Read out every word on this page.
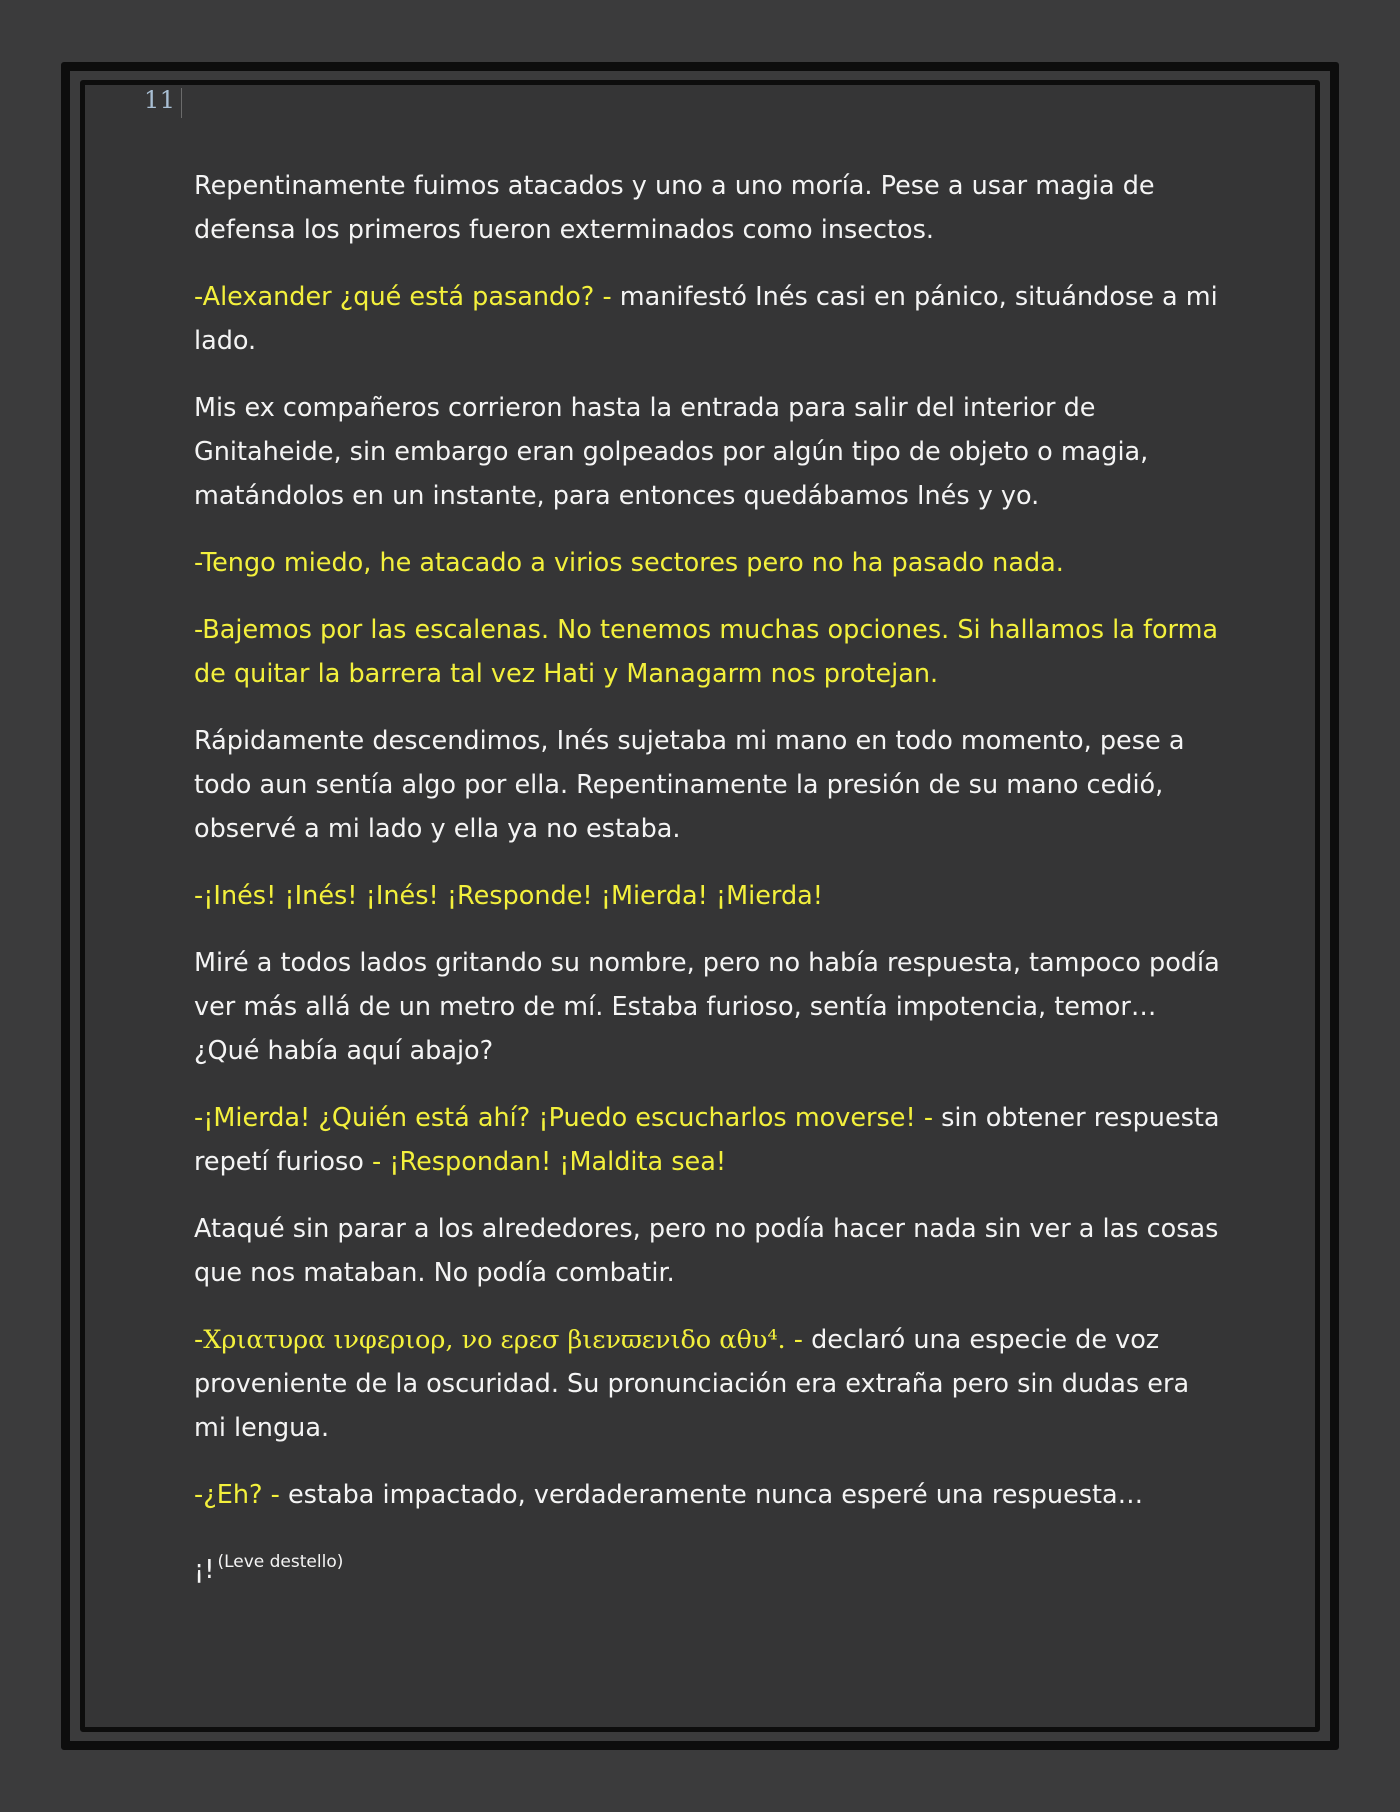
11

Repentinamente fuimos atacados y uno a uno moría. Pese a usar magia de defensa los primeros fueron exterminados como insectos.

-Alexander ¿qué está pasando? - manifestó Inés casi en pánico, situándose a mi lado.

Mis ex compañeros corrieron hasta la entrada para salir del interior de Gnitaheide, sin embargo eran golpeados por algún tipo de objeto o magia, matándolos en un instante, para entonces quedábamos Inés y yo.

-Tengo miedo, he atacado a virios sectores pero no ha pasado nada.

-Bajemos por las escalenas. No tenemos muchas opciones. Si hallamos la forma de quitar la barrera tal vez Hati y Managarm nos protejan.

Rápidamente descendimos, Inés sujetaba mi mano en todo momento, pese a todo aun sentía algo por ella. Repentinamente la presión de su mano cedió, observé a mi lado y ella ya no estaba.

-¡Inés! ¡Inés! ¡Inés! ¡Responde! ¡Mierda! ¡Mierda!

Miré a todos lados gritando su nombre, pero no había respuesta, tampoco podía ver más allá de un metro de mí. Estaba furioso, sentía impotencia, temor… ¿Qué había aquí abajo?

-¡Mierda! ¿Quién está ahí? ¡Puedo escucharlos moverse! - sin obtener respuesta repetí furioso - ¡Respondan! ¡Maldita sea!

Ataqué sin parar a los alrededores, pero no podía hacer nada sin ver a las cosas que nos mataban. No podía combatir.

-Χριατυρα ινφεριορ, νο ερεσ βιενϖενιδο αθυ⁴. - declaró una especie de voz proveniente de la oscuridad. Su pronunciación era extraña pero sin dudas era mi lengua.

-¿Eh? - estaba impactado, verdaderamente nunca esperé una respuesta…

¡! $^{(Leve destello)}$
